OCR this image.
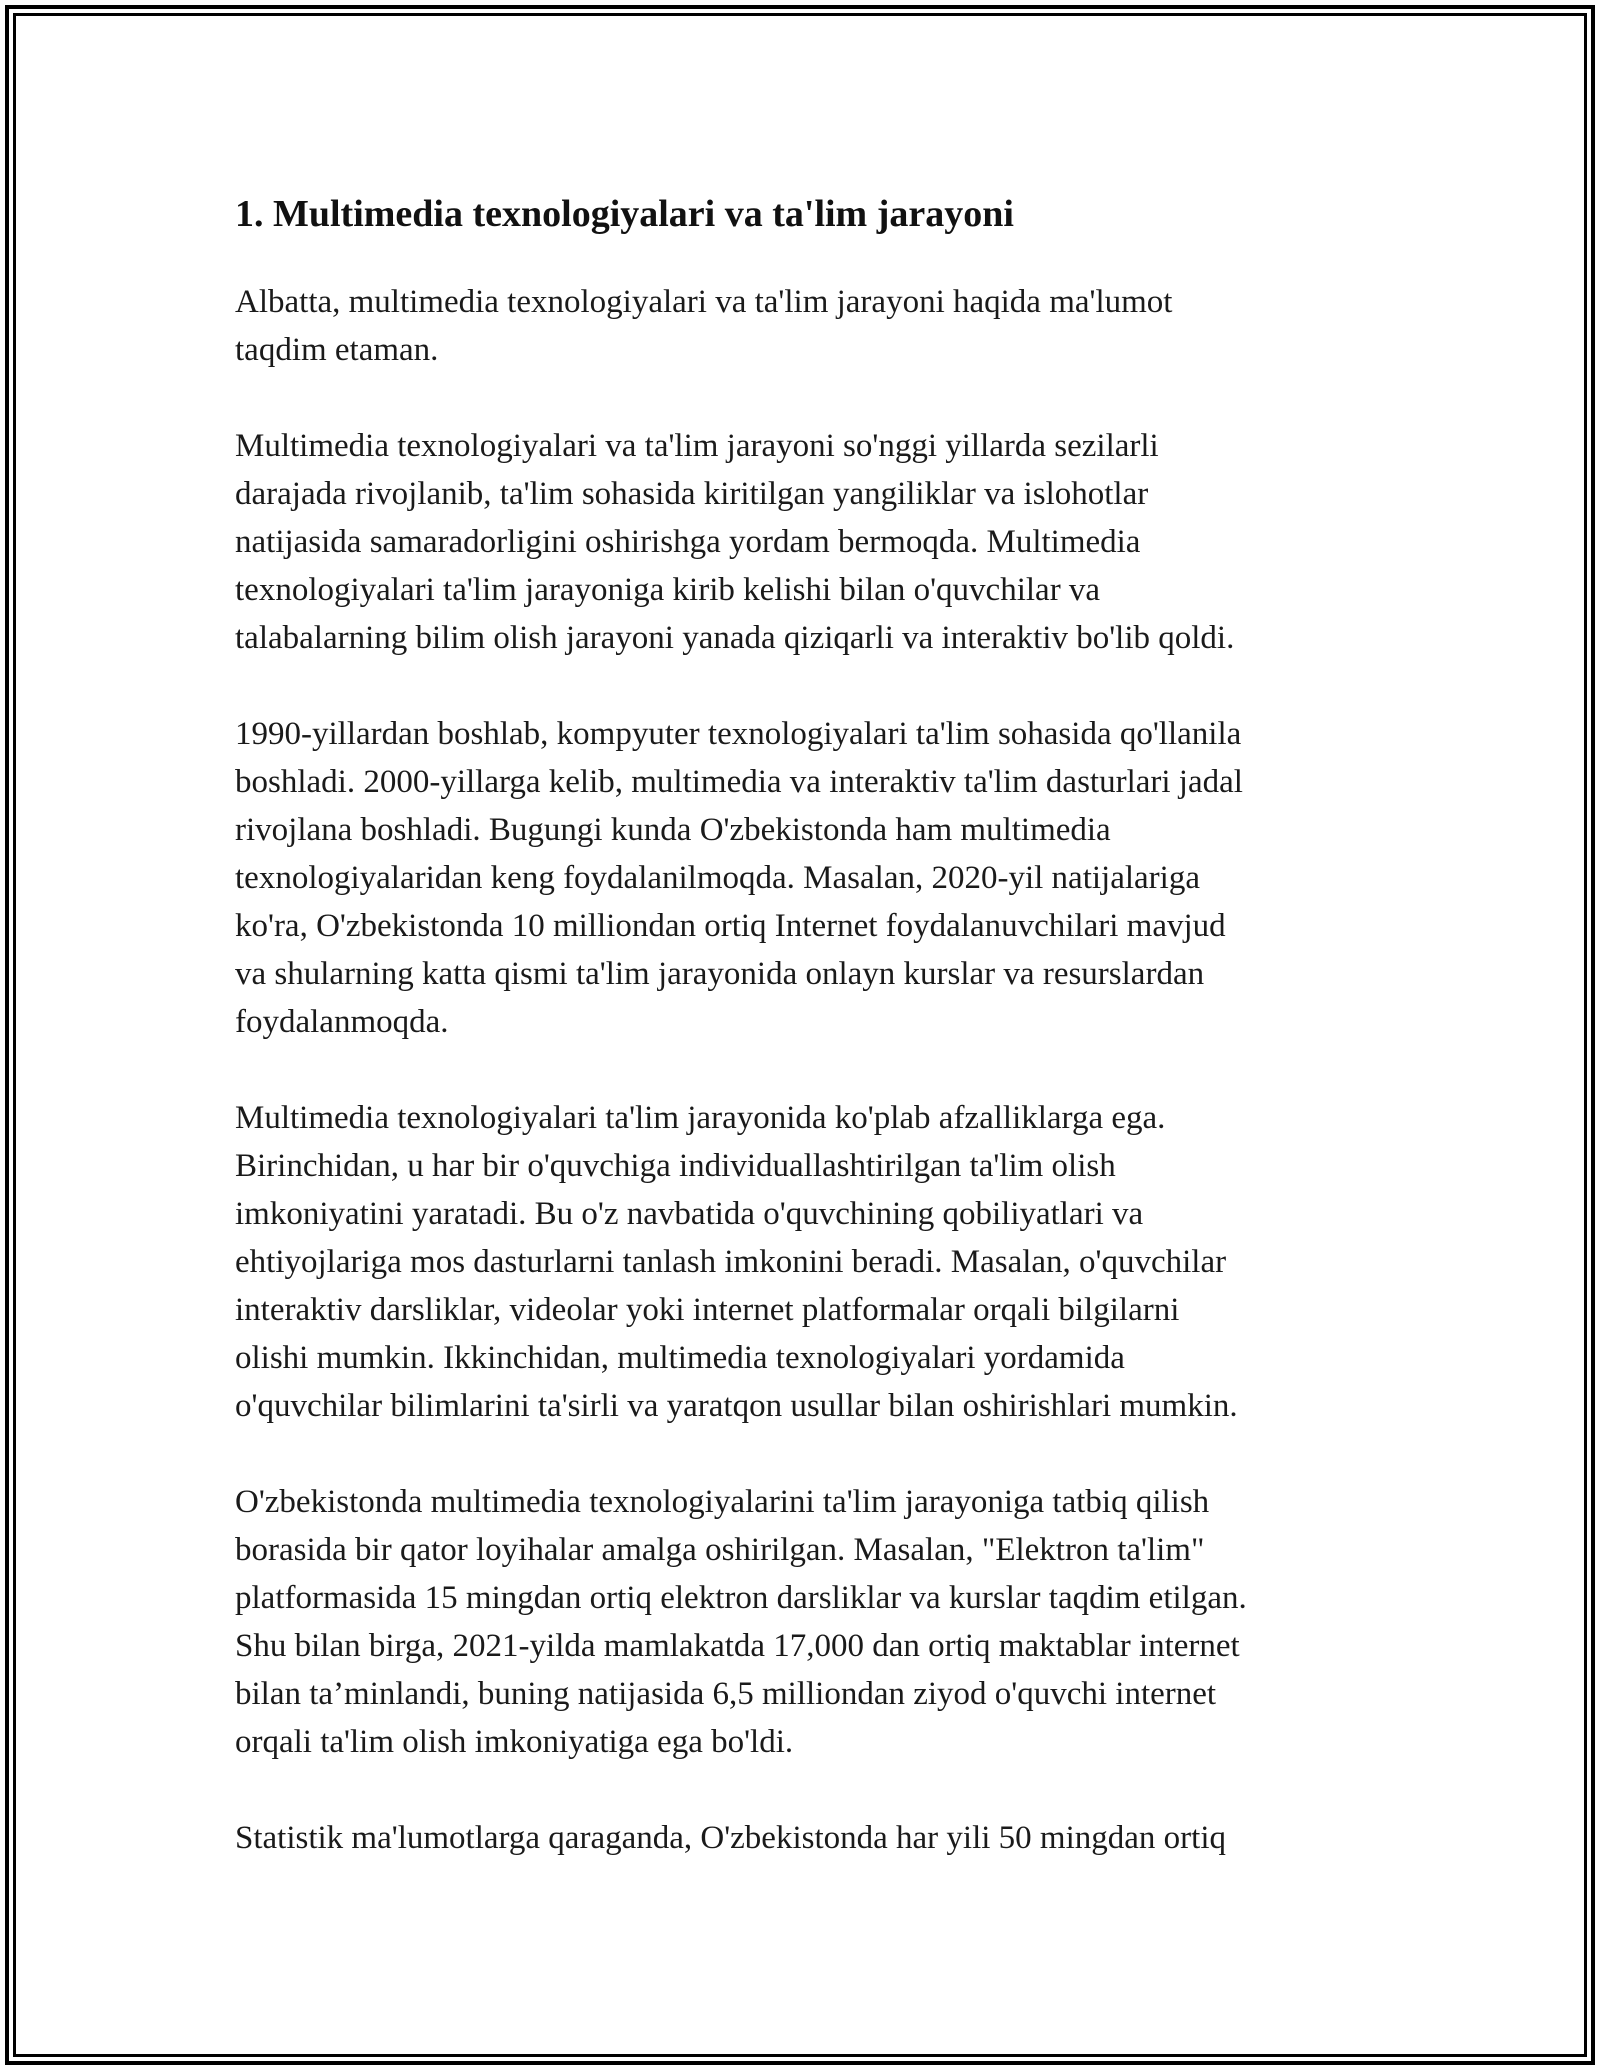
1. Multimedia texnologiyalari va ta'lim jarayoni

Albatta, multimedia texnologiyalari va ta'lim jarayoni haqida ma'lumot
taqdim etaman.

Multimedia texnologiyalari va ta'lim jarayoni so'nggi yillarda sezilarli
darajada rivojlanib, ta'lim sohasida kiritilgan yangiliklar va islohotlar
natijasida samaradorligini oshirishga yordam bermoqda. Multimedia
texnologiyalari ta'lim jarayoniga kirib kelishi bilan o'quvchilar va
talabalarning bilim olish jarayoni yanada qiziqarli va interaktiv bo'lib qoldi.

1990-yillardan boshlab, kompyuter texnologiyalari ta'lim sohasida qo'llanila
boshladi. 2000-yillarga kelib, multimedia va interaktiv ta'lim dasturlari jadal
rivojlana boshladi. Bugungi kunda O'zbekistonda ham multimedia
texnologiyalaridan keng foydalanilmoqda. Masalan, 2020-yil natijalariga
ko'ra, O'zbekistonda 10 milliondan ortiq Internet foydalanuvchilari mavjud
va shularning katta qismi ta'lim jarayonida onlayn kurslar va resurslardan
foydalanmoqda.

Multimedia texnologiyalari ta'lim jarayonida ko'plab afzalliklarga ega.
Birinchidan, u har bir o'quvchiga individuallashtirilgan ta'lim olish
imkoniyatini yaratadi. Bu o'z navbatida o'quvchining qobiliyatlari va
ehtiyojlariga mos dasturlarni tanlash imkonini beradi. Masalan, o'quvchilar
interaktiv darsliklar, videolar yoki internet platformalar orqali bilgilarni
olishi mumkin. Ikkinchidan, multimedia texnologiyalari yordamida
o'quvchilar bilimlarini ta'sirli va yaratqon usullar bilan oshirishlari mumkin.

O'zbekistonda multimedia texnologiyalarini ta'lim jarayoniga tatbiq qilish
borasida bir qator loyihalar amalga oshirilgan. Masalan, "Elektron ta'lim"
platformasida 15 mingdan ortiq elektron darsliklar va kurslar taqdim etilgan.
Shu bilan birga, 2021-yilda mamlakatda 17,000 dan ortiq maktablar internet
bilan ta’minlandi, buning natijasida 6,5 milliondan ziyod o'quvchi internet
orqali ta'lim olish imkoniyatiga ega bo'ldi.

Statistik ma'lumotlarga qaraganda, O'zbekistonda har yili 50 mingdan ortiq
